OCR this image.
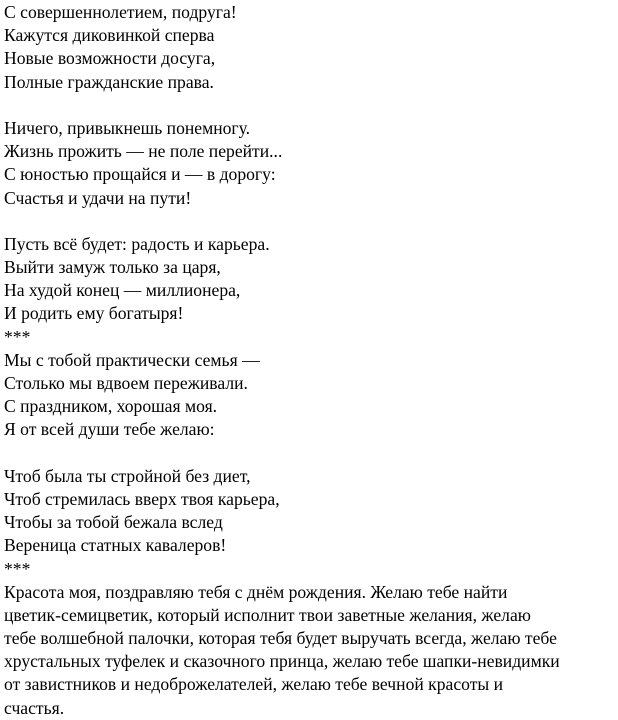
С совершеннолетием, подруга!
Кажутся диковинкой сперва
Новые возможности досуга,
Полные гражданские права.
Ничего, привыкнешь понемногу.
Жизнь прожить — не поле перейти...
С юностью прощайся и — в дорогу:
Счастья и удачи на пути!
Пусть всё будет: радость и карьера.
Выйти замуж только за царя,
На худой конец — миллионера,
И родить ему богатыря!
***
Мы с тобой практически семья —
Столько мы вдвоем переживали.
С праздником, хорошая моя.
Я от всей души тебе желаю:
Чтоб была ты стройной без диет,
Чтоб стремилась вверх твоя карьера,
Чтобы за тобой бежала вслед
Вереница статных кавалеров!
***
Красота моя, поздравляю тебя с днём рождения. Желаю тебе найти
цветик-семицветик, который исполнит твои заветные желания, желаю
тебе волшебной палочки, которая тебя будет выручать всегда, желаю тебе
хрустальных туфелек и сказочного принца, желаю тебе шапки-невидимки
от завистников и недоброжелателей, желаю тебе вечной красоты и
счастья.
